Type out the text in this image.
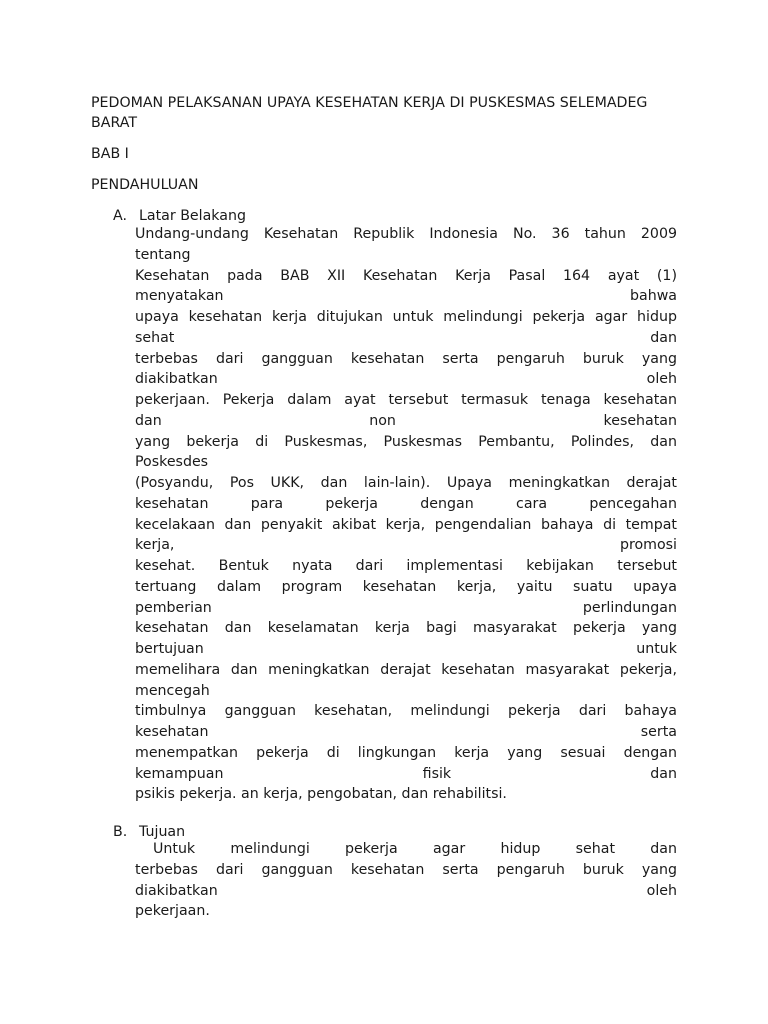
PEDOMAN PELAKSANAN UPAYA KESEHATAN KERJA DI PUSKESMAS SELEMADEG BARAT
BAB I
PENDAHULUAN
A. Latar Belakang
Undang-undang Kesehatan Republik Indonesia No. 36 tahun 2009
tentang
Kesehatan pada BAB XII Kesehatan Kerja Pasal 164 ayat (1)
menyatakan bahwa
upaya kesehatan kerja ditujukan untuk melindungi pekerja agar hidup
sehat dan
terbebas dari gangguan kesehatan serta pengaruh buruk yang
diakibatkan oleh
pekerjaan. Pekerja dalam ayat tersebut termasuk tenaga kesehatan
dan non kesehatan
yang bekerja di Puskesmas, Puskesmas Pembantu, Polindes, dan
Poskesdes
(Posyandu, Pos UKK, dan lain-lain). Upaya meningkatkan derajat
kesehatan para pekerja dengan cara pencegahan
kecelakaan dan penyakit akibat kerja, pengendalian bahaya di tempat
kerja, promosi
kesehat. Bentuk nyata dari implementasi kebijakan tersebut
tertuang dalam program kesehatan kerja, yaitu suatu upaya
pemberian perlindungan
kesehatan dan keselamatan kerja bagi masyarakat pekerja yang
bertujuan untuk
memelihara dan meningkatkan derajat kesehatan masyarakat pekerja,
mencegah
timbulnya gangguan kesehatan, melindungi pekerja dari bahaya
kesehatan serta
menempatkan pekerja di lingkungan kerja yang sesuai dengan
kemampuan fisik dan
psikis pekerja. an kerja, pengobatan, dan rehabilitsi.
B. Tujuan
Untuk melindungi pekerja agar hidup sehat dan
terbebas dari gangguan kesehatan serta pengaruh buruk yang
diakibatkan oleh
pekerjaan.
